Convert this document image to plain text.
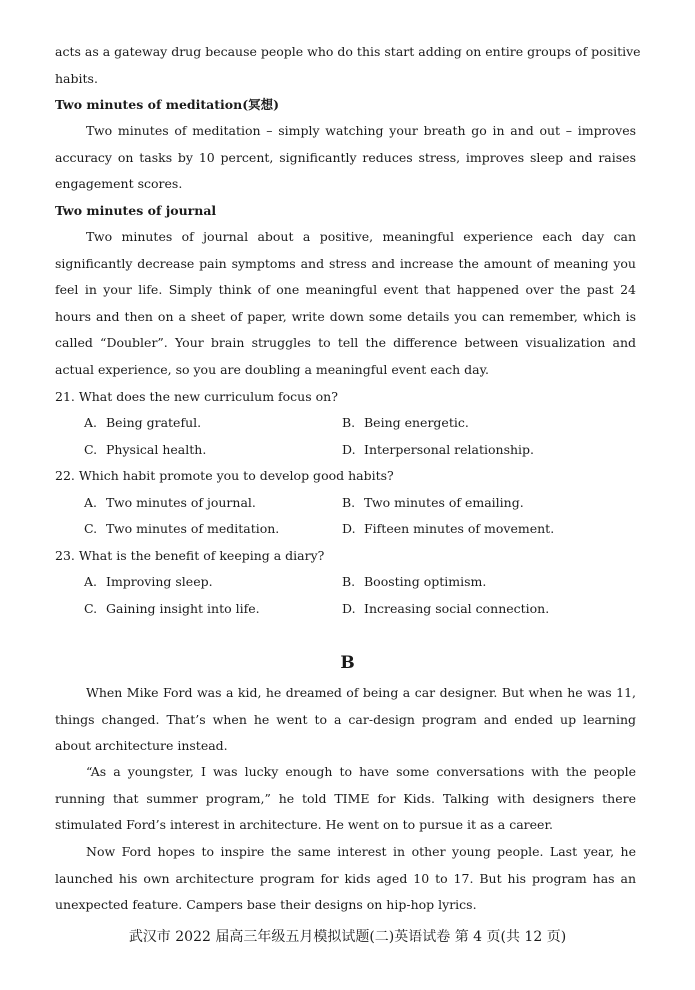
acts as a gateway drug because people who do this start adding on entire groups of positive
habits.
Two minutes of meditation(冥想)

Two minutes of meditation – simply watching your breath go in and out – improves accuracy on tasks by 10 percent, significantly reduces stress, improves sleep and raises engagement scores.

Two minutes of journal

Two minutes of journal about a positive, meaningful experience each day can significantly decrease pain symptoms and stress and increase the amount of meaning you feel in your life. Simply think of one meaningful event that happened over the past 24 hours and then on a sheet of paper, write down some details you can remember, which is called “Doubler”. Your brain struggles to tell the difference between visualization and actual experience, so you are doubling a meaningful event each day.

21. What does the new curriculum focus on?
A. Being grateful.	B. Being energetic.
C. Physical health.	D. Interpersonal relationship.
22. Which habit promote you to develop good habits?
A. Two minutes of journal.	B. Two minutes of emailing.
C. Two minutes of meditation.	D. Fifteen minutes of movement.
23. What is the benefit of keeping a diary?
A. Improving sleep.	B. Boosting optimism.
C. Gaining insight into life.	D. Increasing social connection.
B

When Mike Ford was a kid, he dreamed of being a car designer. But when he was 11, things changed. That’s when he went to a car-design program and ended up learning about architecture instead.

“As a youngster, I was lucky enough to have some conversations with the people running that summer program,” he told TIME for Kids. Talking with designers there stimulated Ford’s interest in architecture. He went on to pursue it as a career.

Now Ford hopes to inspire the same interest in other young people. Last year, he launched his own architecture program for kids aged 10 to 17. But his program has an unexpected feature. Campers base their designs on hip-hop lyrics.

武汉市 2022 届高三年级五月模拟试题(二)英语试卷 第 4 页(共 12 页)
